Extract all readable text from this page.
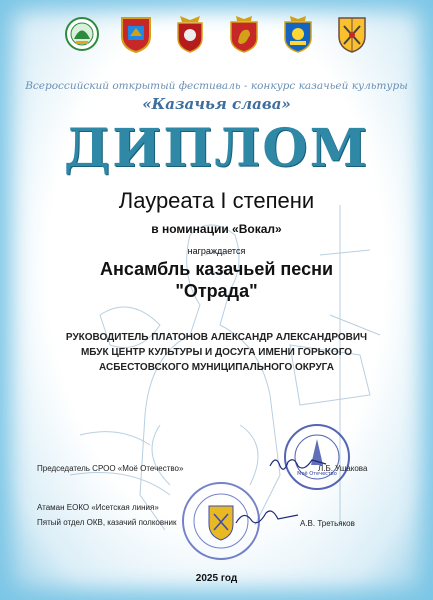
Всероссийский открытый фестиваль - конкурс казачьей культуры
«Казачья слава»
ДИПЛОМ
Лауреата I степени
в номинации «Вокал»
награждается
Ансамбль казачьей песни
"Отрада"
РУКОВОДИТЕЛЬ ПЛАТОНОВ АЛЕКСАНДР АЛЕКСАНДРОВИЧ
МБУК ЦЕНТР КУЛЬТУРЫ И ДОСУГА ИМЕНИ ГОРЬКОГО
АСБЕСТОВСКОГО МУНИЦИПАЛЬНОГО ОКРУГА
Моё Отечество
Председатель СРОО «Моё Отечество»	Л.Б. Ушакова
Атаман ЕОКО «Исетская линия»
Пятый отдел ОКВ, казачий полковник	А.В. Третьяков
2025 год
